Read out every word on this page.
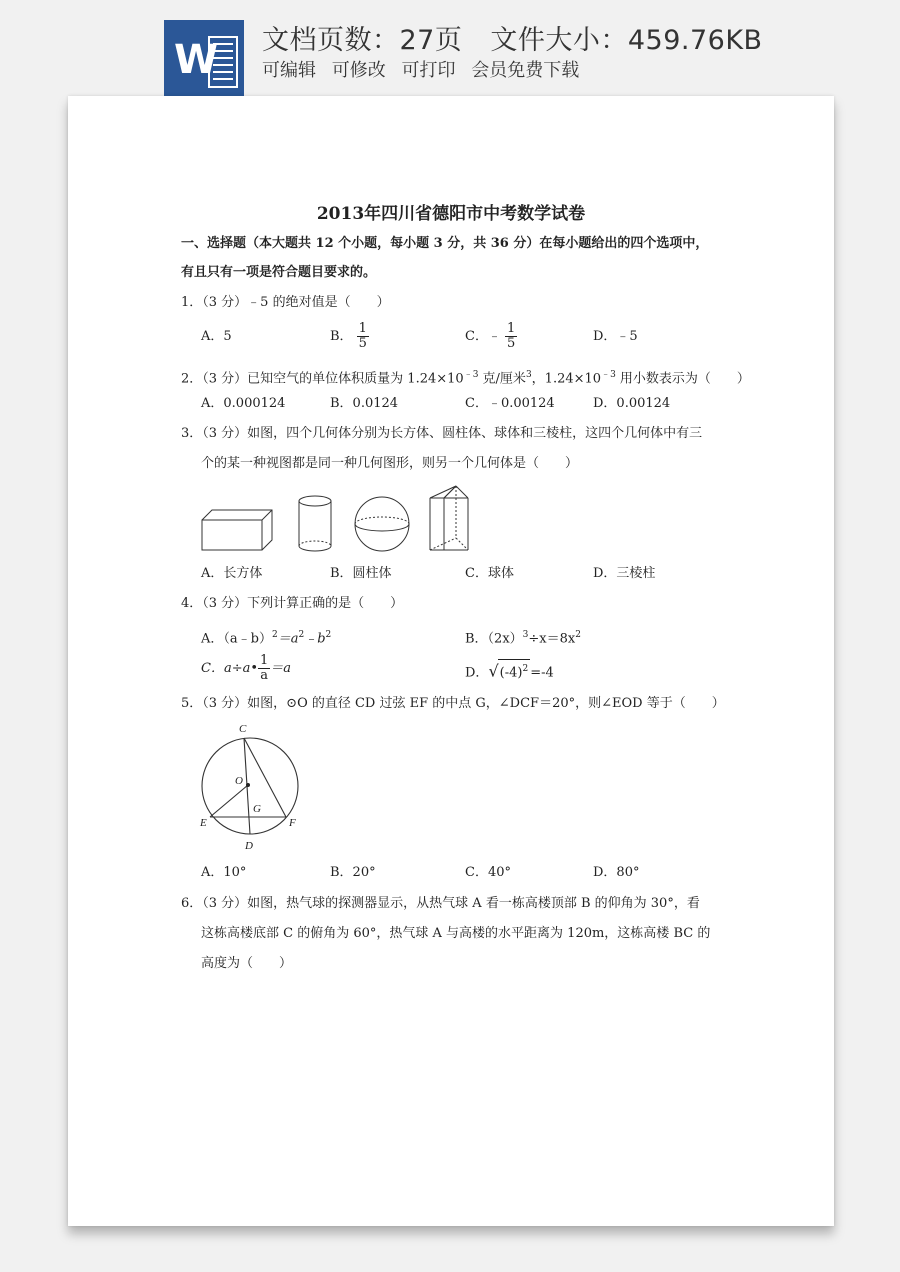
W 文档页数：27页 文件大小：459.76KB
可编辑 可修改 可打印 会员免费下载
2013年四川省德阳市中考数学试卷
一、选择题（本大题共 12 个小题，每小题 3 分，共 36 分）在每小题给出的四个选项中，
有且只有一项是符合题目要求的。
1．（3 分）﹣5 的绝对值是（　　）
A．5	B． $\frac{1}{5}$	C．﹣ $\frac{1}{5}$	D．﹣5
2．（3 分）已知空气的单位体积质量为 $1.24\times 10^{﹣3}$ 克/厘米$^3$，$1.24\times 10^{﹣3}$ 用小数表示为（　　）
A．0.000124	B．0.0124	C．﹣0.00124	D．0.00124
3．（3 分）如图，四个几何体分别为长方体、圆柱体、球体和三棱柱，这四个几何体中有三
个的某一种视图都是同一种几何图形，则另一个几何体是（　　）
A．长方体	B．圆柱体	C．球体	D．三棱柱
4．（3 分）下列计算正确的是（　　）
A．$(a﹣b)^2=a^2﹣b^2$	B．$(2x)^3\div x=8x^2$
C．a÷a• $\frac{1}{a} =a$	D．$√(-4)^2 =-4$
5．（3 分）如图，⊙O 的直径 CD 过弦 EF 的中点 G，∠DCF＝20°，则∠EOD 等于（　　）
C
O
G
E	F
D
A．10°	B．20°	C．40°	D．80°
6．（3 分）如图，热气球的探测器显示，从热气球 A 看一栋高楼顶部 B 的仰角为 30°，看
这栋高楼底部 C 的俯角为 60°，热气球 A 与高楼的水平距离为 120m，这栋高楼 BC 的
高度为（　　）
